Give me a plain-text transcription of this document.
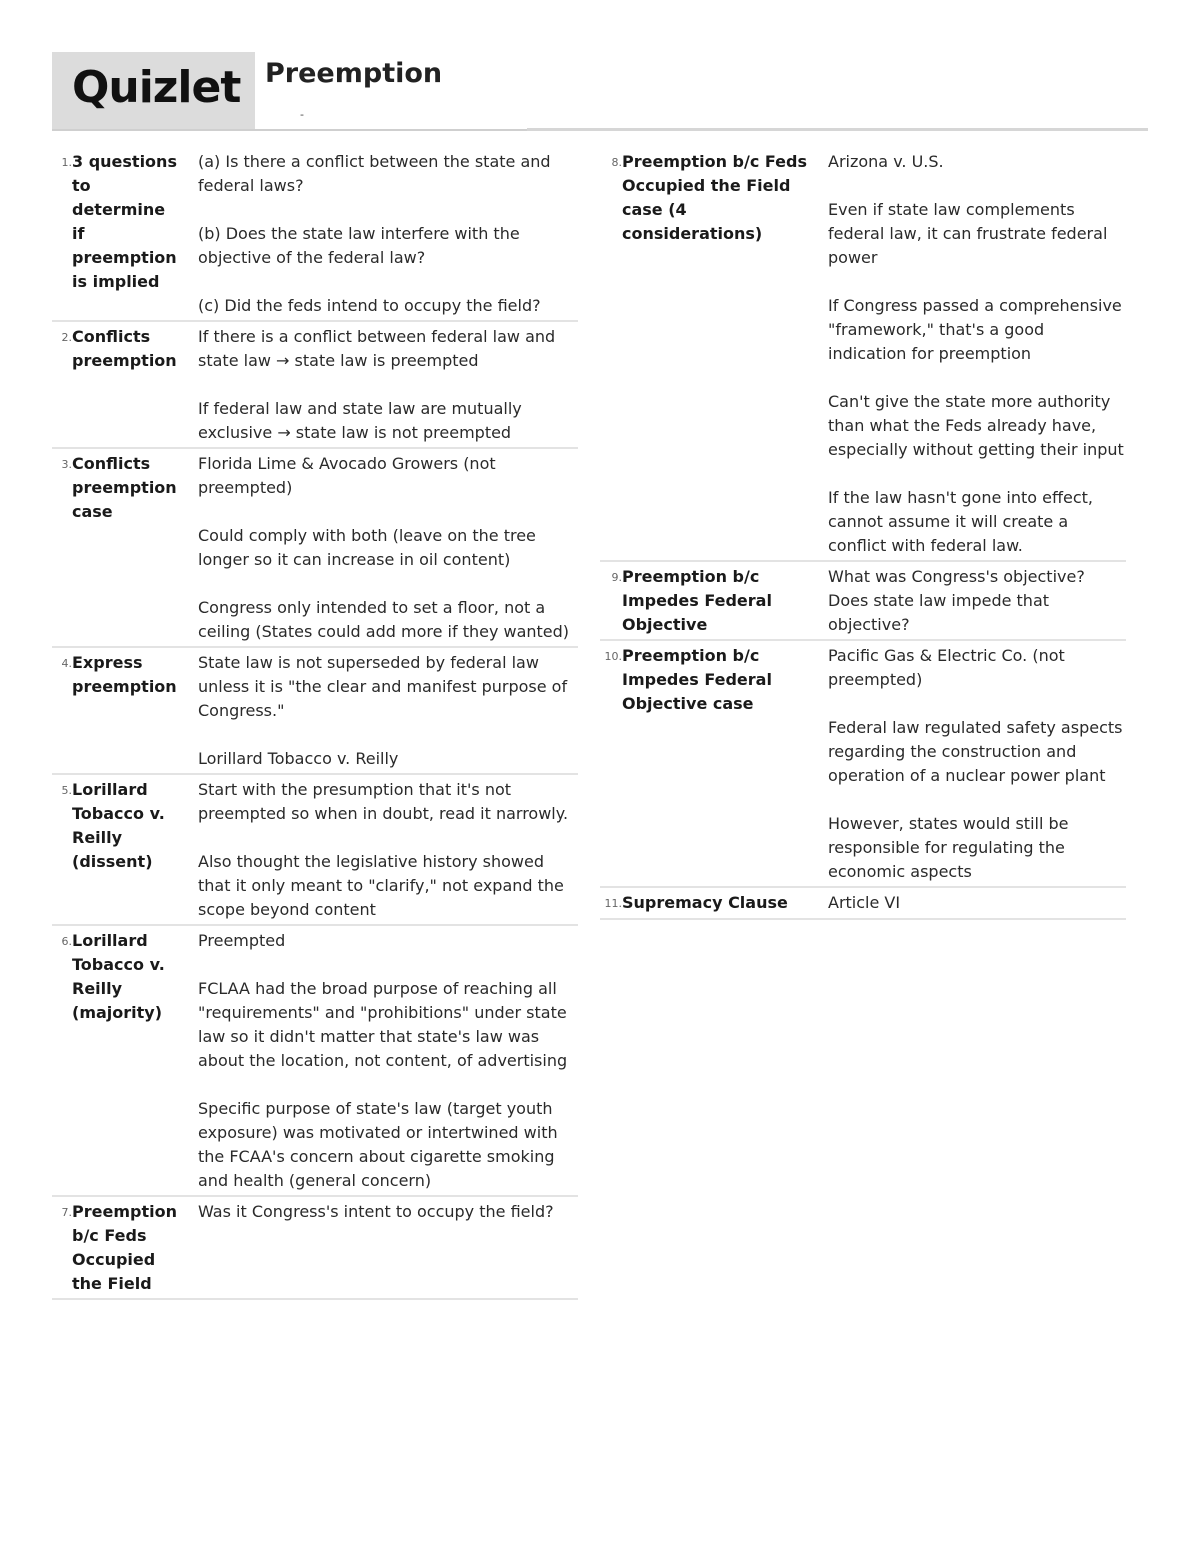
Quizlet Preemption
-
1. 3 questions to determine if preemption is implied
(a) Is there a conflict between the state and federal laws?

(b) Does the state law interfere with the objective of the federal law?

(c) Did the feds intend to occupy the field?
2. Conflicts preemption
If there is a conflict between federal law and state law → state law is preempted

If federal law and state law are mutually exclusive → state law is not preempted
3. Conflicts preemption case
Florida Lime & Avocado Growers (not preempted)

Could comply with both (leave on the tree longer so it can increase in oil content)

Congress only intended to set a floor, not a ceiling (States could add more if they wanted)
4. Express preemption
State law is not superseded by federal law unless it is "the clear and manifest purpose of Congress."

Lorillard Tobacco v. Reilly
5. Lorillard Tobacco v. Reilly (dissent)
Start with the presumption that it's not preempted so when in doubt, read it narrowly.

Also thought the legislative history showed that it only meant to "clarify," not expand the scope beyond content
6. Lorillard Tobacco v. Reilly (majority)
Preempted

FCLAA had the broad purpose of reaching all "requirements" and "prohibitions" under state law so it didn't matter that state's law was about the location, not content, of advertising

Specific purpose of state's law (target youth exposure) was motivated or intertwined with the FCAA's concern about cigarette smoking and health (general concern)
7. Preemption b/c Feds Occupied the Field
Was it Congress's intent to occupy the field?
8. Preemption b/c Feds Occupied the Field case (4 considerations)
Arizona v. U.S.

Even if state law complements federal law, it can frustrate federal power

If Congress passed a comprehensive "framework," that's a good indication for preemption

Can't give the state more authority than what the Feds already have, especially without getting their input

If the law hasn't gone into effect, cannot assume it will create a conflict with federal law.
9. Preemption b/c Impedes Federal Objective
What was Congress's objective? Does state law impede that objective?
10. Preemption b/c Impedes Federal Objective case
Pacific Gas & Electric Co. (not preempted)

Federal law regulated safety aspects regarding the construction and operation of a nuclear power plant

However, states would still be responsible for regulating the economic aspects
11. Supremacy Clause	Article VI
